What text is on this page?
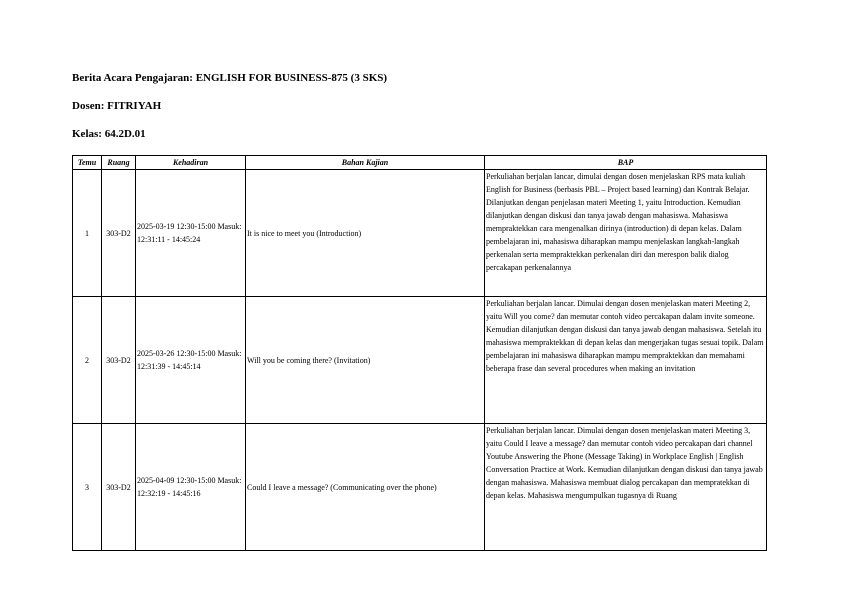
Berita Acara Pengajaran: ENGLISH FOR BUSINESS-875 (3 SKS)
Dosen: FITRIYAH
Kelas: 64.2D.01
Temu	Ruang	Kehadiran	Bahan Kajian	BAP
1	303-D2	2025-03-19 12:30-15:00 Masuk: 12:31:11 - 14:45:24	It is nice to meet you (Introduction)	Perkuliahan berjalan lancar, dimulai dengan dosen menjelaskan RPS mata kuliah English for Business (berbasis PBL – Project based learning) dan Kontrak Belajar. Dilanjutkan dengan penjelasan materi Meeting 1, yaitu Introduction. Kemudian dilanjutkan dengan diskusi dan tanya jawab dengan mahasiswa. Mahasiswa mempraktekkan cara mengenalkan dirinya (introduction) di depan kelas. Dalam pembelajaran ini, mahasiswa diharapkan mampu menjelaskan langkah-langkah perkenalan serta mempraktekkan perkenalan diri dan merespon balik dialog percakapan perkenalannya

2	303-D2	2025-03-26 12:30-15:00 Masuk: 12:31:39 - 14:45:14	Will you be coming there? (Invitation)	Perkuliahan berjalan lancar. Dimulai dengan dosen menjelaskan materi Meeting 2, yaitu Will you come? dan memutar contoh video percakapan dalam invite someone. Kemudian dilanjutkan dengan diskusi dan tanya jawab dengan mahasiswa. Setelah itu mahasiswa mempraktekkan di depan kelas dan mengerjakan tugas sesuai topik. Dalam pembelajaran ini mahasiswa diharapkan mampu mempraktekkan dan memahami beberapa frase dan several procedures when making an invitation

3	303-D2	2025-04-09 12:30-15:00 Masuk: 12:32:19 - 14:45:16	Could I leave a message? (Communicating over the phone)	Perkuliahan berjalan lancar. Dimulai dengan dosen menjelaskan materi Meeting 3, yaitu Could I leave a message? dan memutar contoh video percakapan dari channel Youtube Answering the Phone (Message Taking) in Workplace English | English Conversation Practice at Work. Kemudian dilanjutkan dengan diskusi dan tanya jawab dengan mahasiswa. Mahasiswa membuat dialog percakapan dan mempratekkan di depan kelas. Mahasiswa mengumpulkan tugasnya di Ruang
